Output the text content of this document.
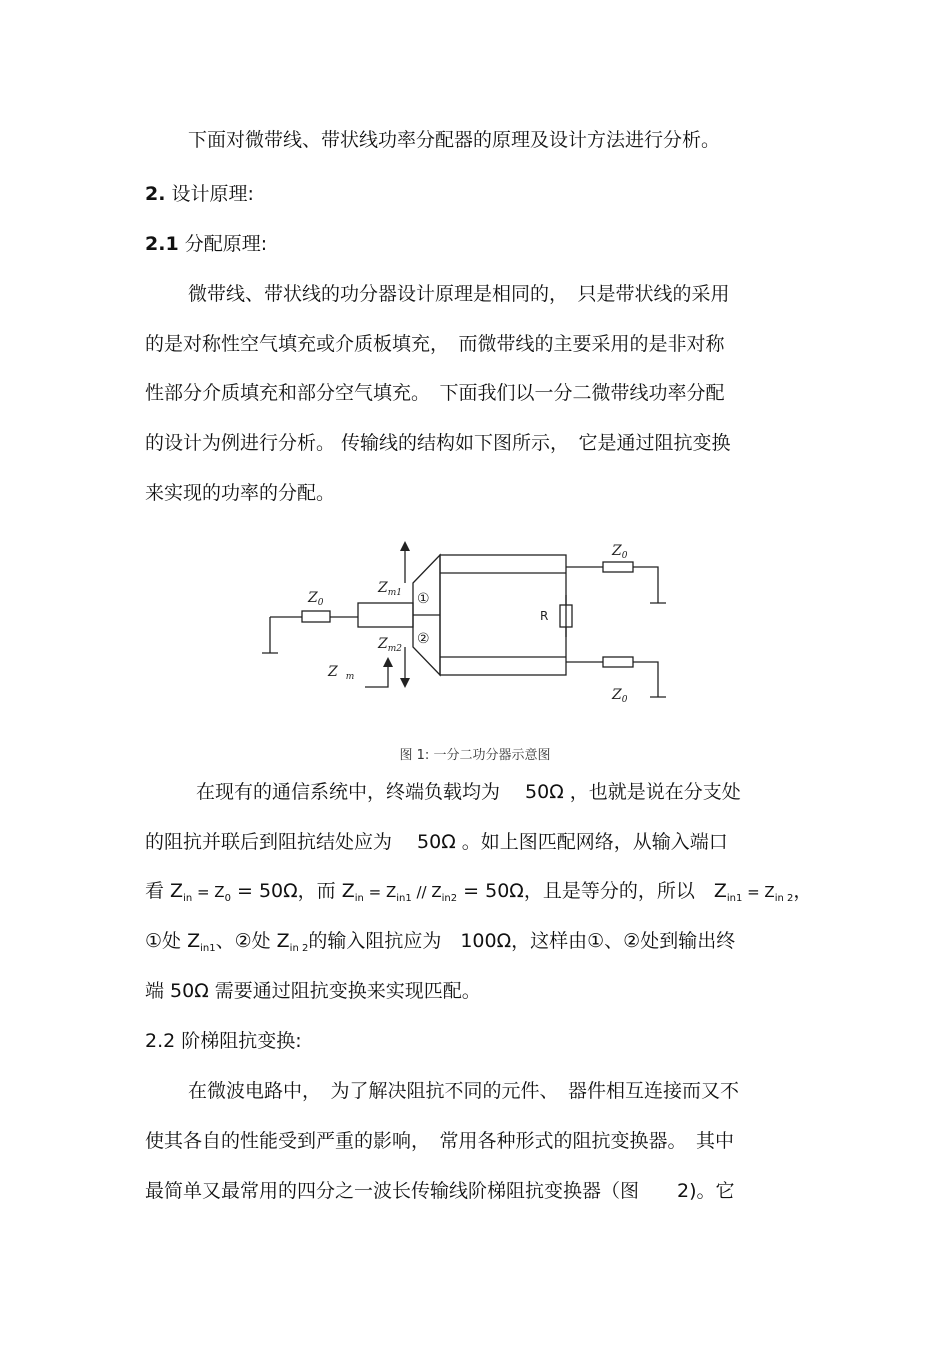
下面对微带线、带状线功率分配器的原理及设计方法进行分析。
2. 设计原理:
2.1 分配原理:
微带线、带状线的功分器设计原理是相同的，　只是带状线的采用
的是对称性空气填充或介质板填充，　而微带线的主要采用的是非对称
性部分介质填充和部分空气填充。　下面我们以一分二微带线功率分配
的设计为例进行分析。 传输线的结构如下图所示，　它是通过阻抗变换
来实现的功率的分配。
$Z_0$
$Z_{m1}$
$Z_{m2}$
Z $_m$
①
②
R
$Z_0$
$Z_0$
图 1: 一分二功分器示意图
在现有的通信系统中，终端负载均为　 50Ω ，也就是说在分支处
的阻抗并联后到阻抗结处应为　 50Ω 。如上图匹配网络，从输入端口
看 $Z_{in} = Z_0 = 50\Omega$，而 $Z_{in} = Z_{in1} // Z_{in2} = 50\Omega$，且是等分的，所以　$Z_{in1} = Z_{in 2}$，
①处 $Z_{in1}$、②处 $Z_{in 2}$的输入阻抗应为　100Ω，这样由①、②处到输出终
端 50Ω 需要通过阻抗变换来实现匹配。
2.2 阶梯阻抗变换:
在微波电路中，　为了解决阻抗不同的元件、　器件相互连接而又不
使其各自的性能受到严重的影响，　常用各种形式的阻抗变换器。　其中
最简单又最常用的四分之一波长传输线阶梯阻抗变换器（图　　2)。它
